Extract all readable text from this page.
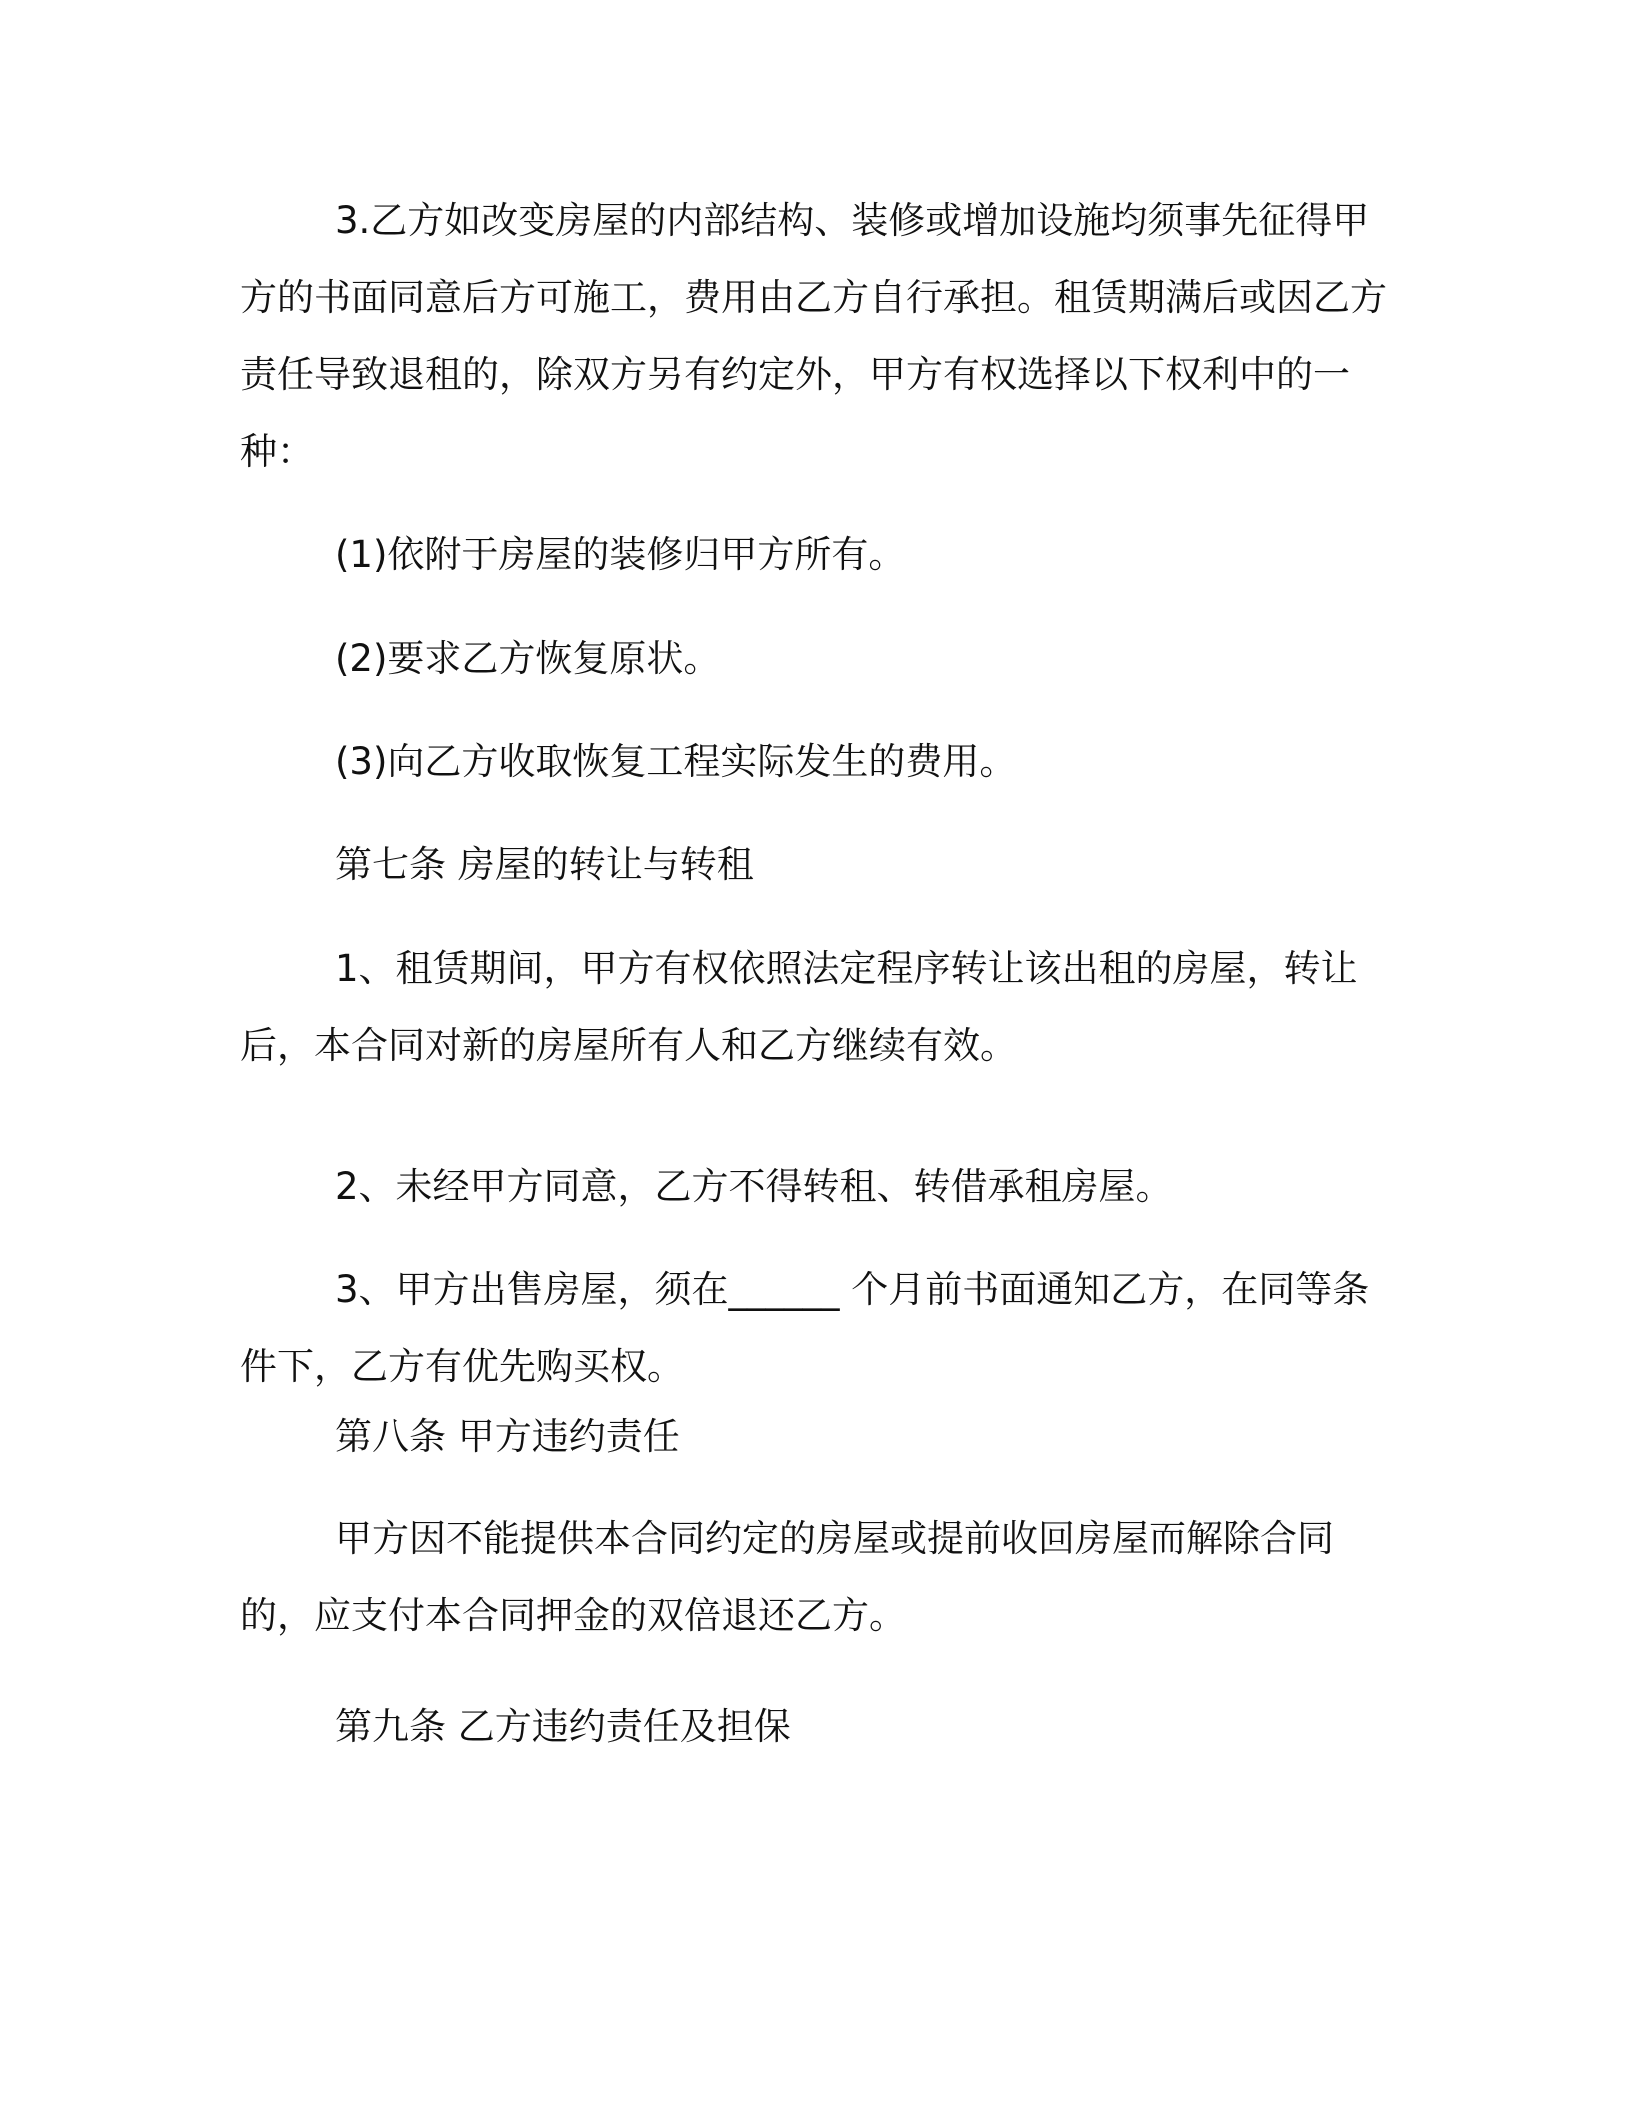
3.乙方如改变房屋的内部结构、装修或增加设施均须事先征得甲方的书面同意后方可施工，费用由乙方自行承担。租赁期满后或因乙方责任导致退租的，除双方另有约定外，甲方有权选择以下权利中的一种：

(1)依附于房屋的装修归甲方所有。

(2)要求乙方恢复原状。

(3)向乙方收取恢复工程实际发生的费用。

第七条 房屋的转让与转租

1、租赁期间，甲方有权依照法定程序转让该出租的房屋，转让后，本合同对新的房屋所有人和乙方继续有效。

2、未经甲方同意，乙方不得转租、转借承租房屋。

3、甲方出售房屋，须在______ 个月前书面通知乙方，在同等条件下，乙方有优先购买权。

第八条 甲方违约责任

甲方因不能提供本合同约定的房屋或提前收回房屋而解除合同的，应支付本合同押金的双倍退还乙方。

第九条 乙方违约责任及担保
